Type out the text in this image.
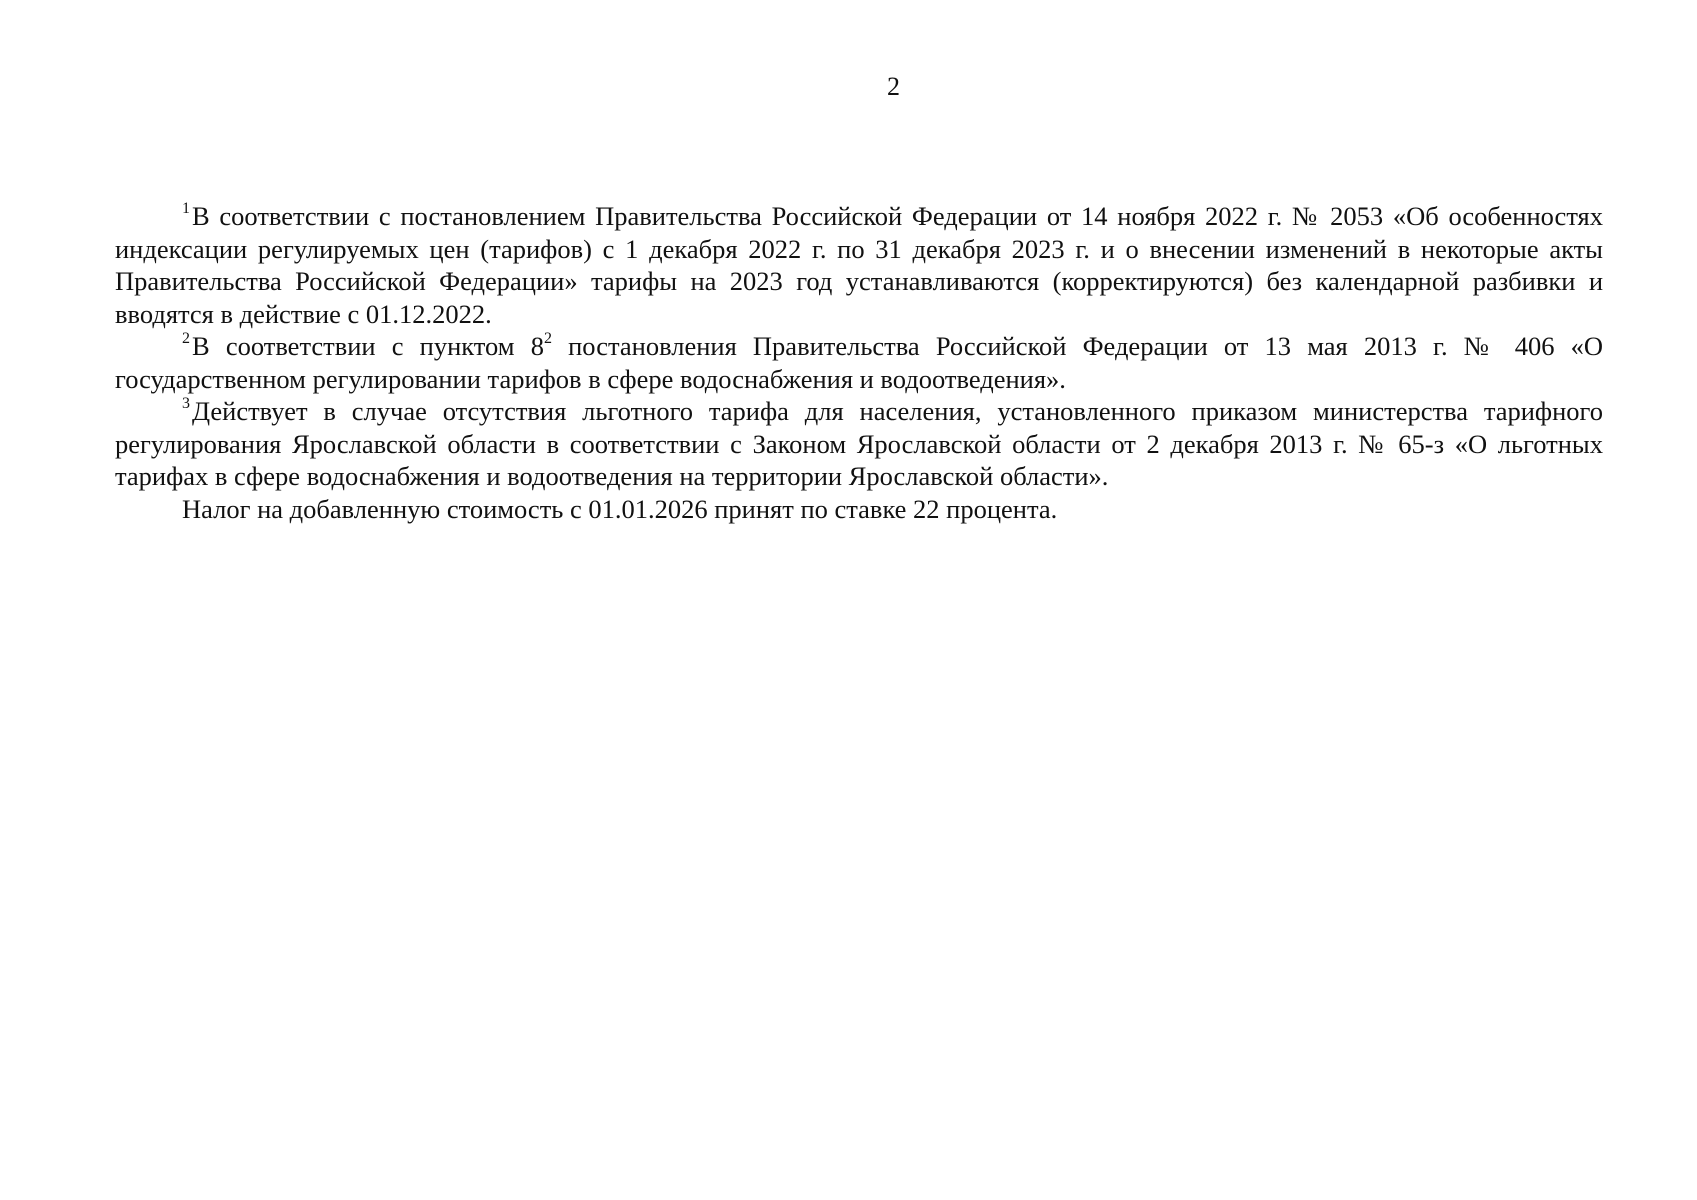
2

$^1$В соответствии с постановлением Правительства Российской Федерации от 14 ноября 2022 г. № 2053 «Об особенностях индексации регулируемых цен (тарифов) с 1 декабря 2022 г. по 31 декабря 2023 г. и о внесении изменений в некоторые акты Правительства Российской Федерации» тарифы на 2023 год устанавливаются (корректируются) без календарной разбивки и вводятся в действие с 01.12.2022.

$^2$В соответствии с пунктом $8^2$ постановления Правительства Российской Федерации от 13 мая 2013 г. № 406 «О государственном регулировании тарифов в сфере водоснабжения и водоотведения».

$^3$Действует в случае отсутствия льготного тарифа для населения, установленного приказом министерства тарифного регулирования Ярославской области в соответствии с Законом Ярославской области от 2 декабря 2013 г. № 65-з «О льготных тарифах в сфере водоснабжения и водоотведения на территории Ярославской области».

Налог на добавленную стоимость с 01.01.2026 принят по ставке 22 процента.
